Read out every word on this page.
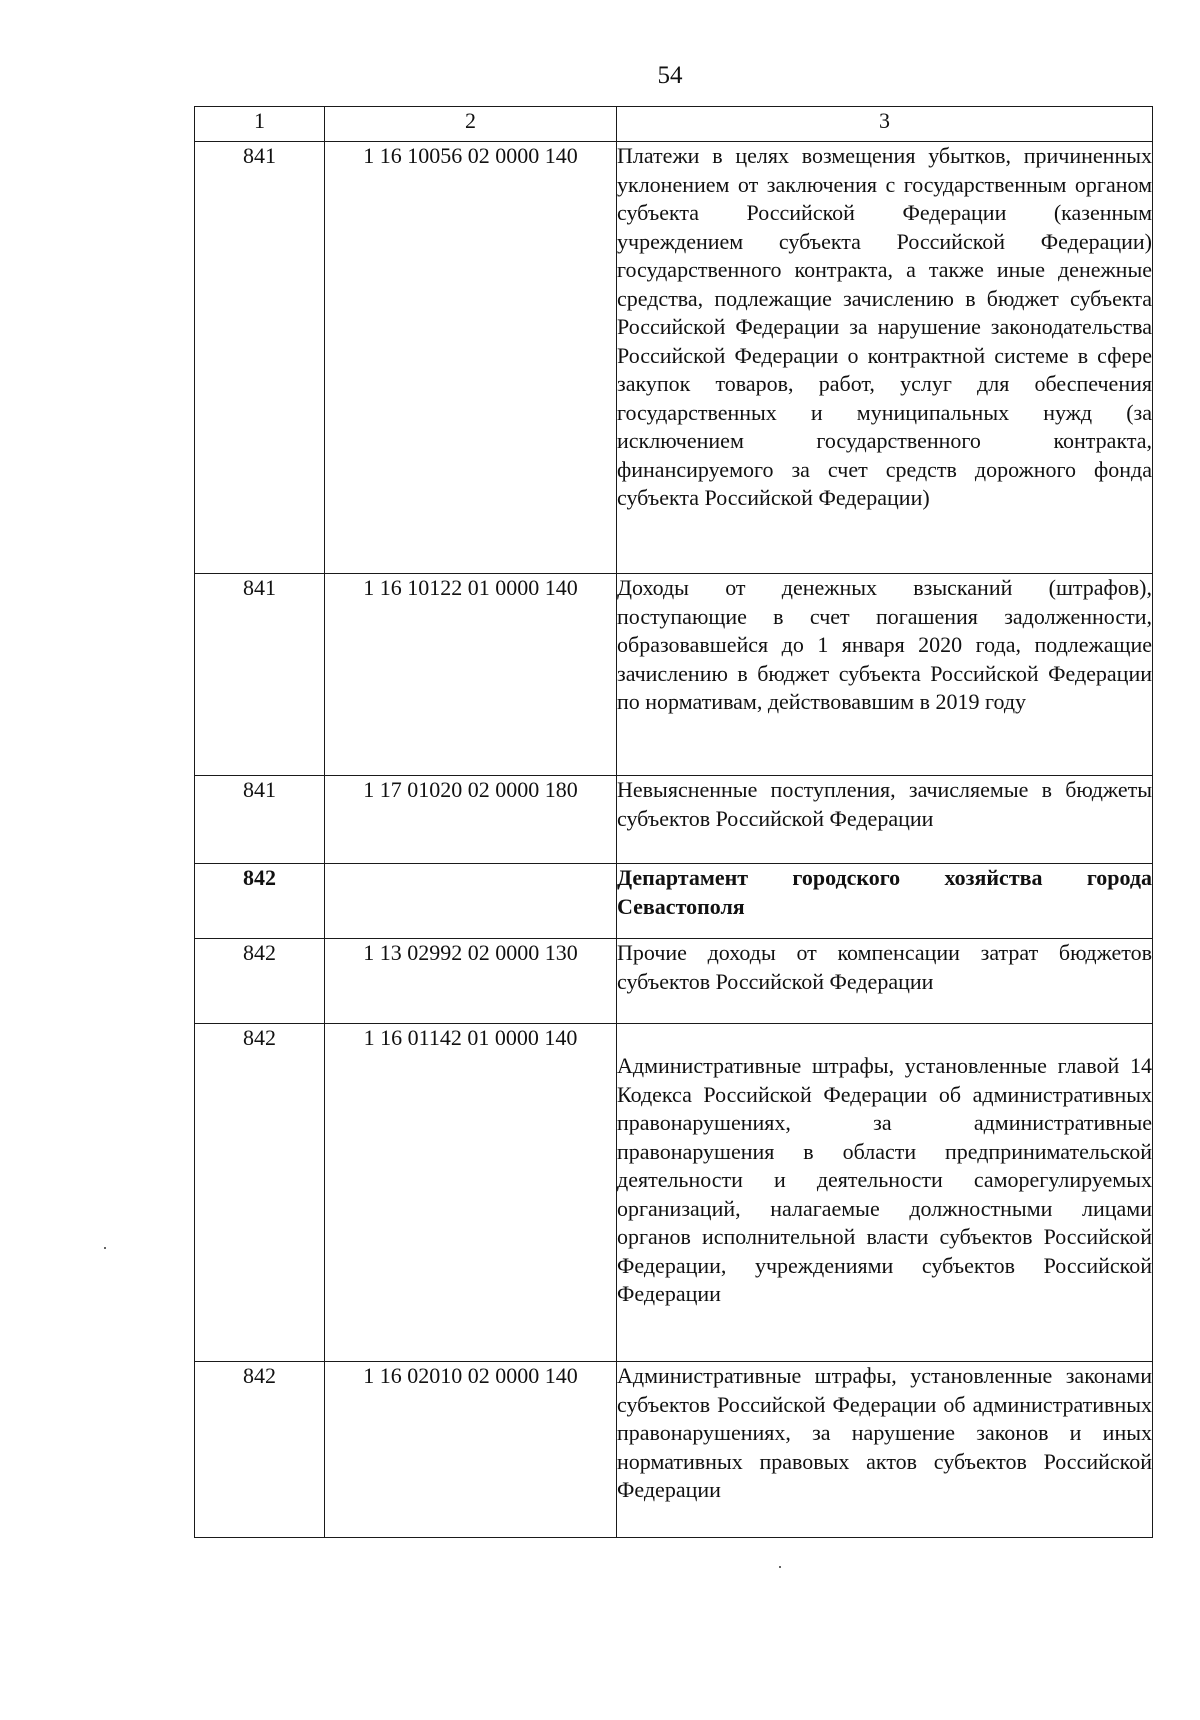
54
1	2	3
841	1 16 10056 02 0000 140	Платежи в целях возмещения убытков, причиненных уклонением от заключения с государственным органом субъекта Российской Федерации (казенным учреждением субъекта Российской Федерации) государственного контракта, а также иные денежные средства, подлежащие зачислению в бюджет субъекта Российской Федерации за нарушение законодательства Российской Федерации о контрактной системе в сфере закупок товаров, работ, услуг для обеспечения государственных и муниципальных нужд (за исключением государственного контракта, финансируемого за счет средств дорожного фонда субъекта Российской Федерации)

841	1 16 10122 01 0000 140	Доходы от денежных взысканий (штрафов), поступающие в счет погашения задолженности, образовавшейся до 1 января 2020 года, подлежащие зачислению в бюджет субъекта Российской Федерации по нормативам, действовавшим в 2019 году

841	1 17 01020 02 0000 180	Невыясненные поступления, зачисляемые в бюджеты субъектов Российской Федерации

842		Департамент городского хозяйства города Севастополя

842	1 13 02992 02 0000 130	Прочие доходы от компенсации затрат бюджетов субъектов Российской Федерации

842	1 16 01142 01 0000 140	Административные штрафы, установленные главой 14 Кодекса Российской Федерации об административных правонарушениях, за административные правонарушения в области предпринимательской деятельности и деятельности саморегулируемых организаций, налагаемые должностными лицами органов исполнительной власти субъектов Российской Федерации, учреждениями субъектов Российской Федерации

842	1 16 02010 02 0000 140	Административные штрафы, установленные законами субъектов Российской Федерации об административных правонарушениях, за нарушение законов и иных нормативных правовых актов субъектов Российской Федерации
